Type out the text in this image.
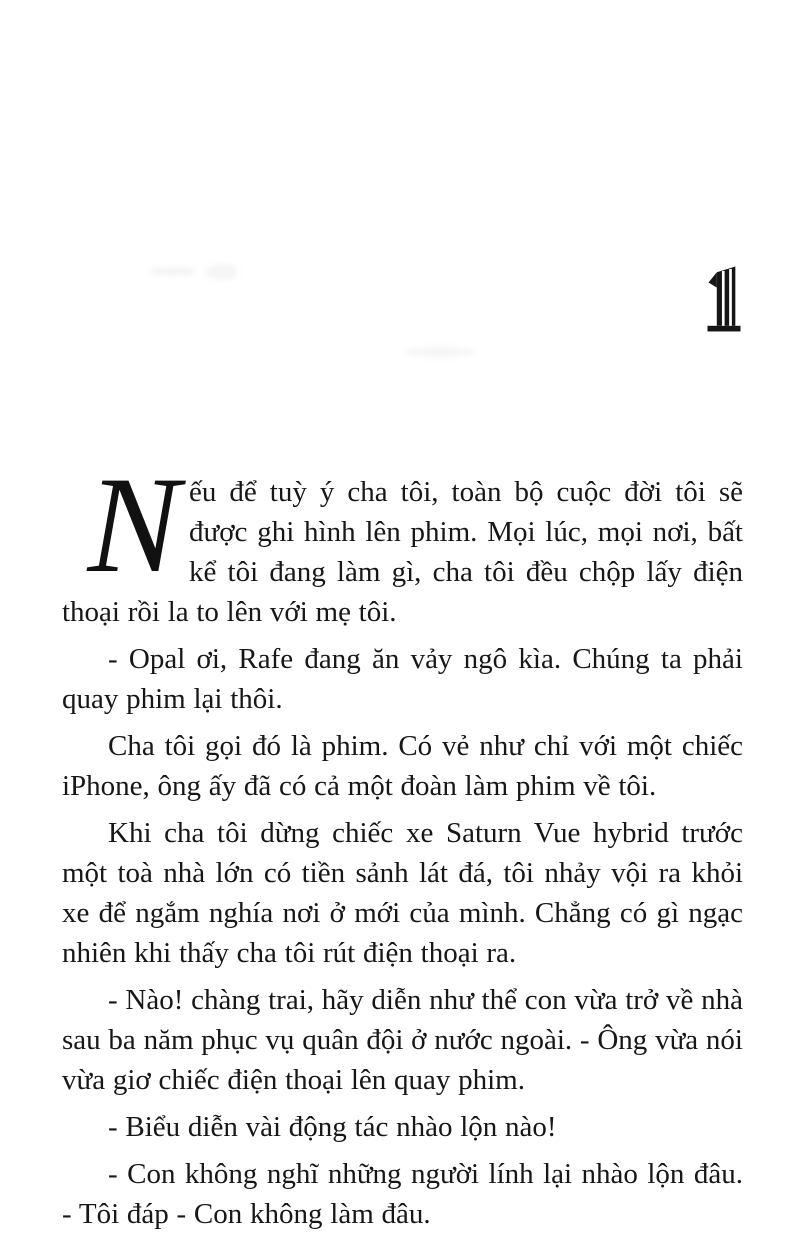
Nếu để tuỳ ý cha tôi, toàn bộ cuộc đời tôi sẽ được ghi hình lên phim. Mọi lúc, mọi nơi, bất kể tôi đang làm gì, cha tôi đều chộp lấy điện thoại rồi la to lên với mẹ tôi.

- Opal ơi, Rafe đang ăn vảy ngô kìa. Chúng ta phải quay phim lại thôi.

Cha tôi gọi đó là phim. Có vẻ như chỉ với một chiếc iPhone, ông ấy đã có cả một đoàn làm phim về tôi.

Khi cha tôi dừng chiếc xe Saturn Vue hybrid trước một toà nhà lớn có tiền sảnh lát đá, tôi nhảy vội ra khỏi xe để ngắm nghía nơi ở mới của mình. Chẳng có gì ngạc nhiên khi thấy cha tôi rút điện thoại ra.

- Nào! chàng trai, hãy diễn như thể con vừa trở về nhà sau ba năm phục vụ quân đội ở nước ngoài. - Ông vừa nói vừa giơ chiếc điện thoại lên quay phim.

- Biểu diễn vài động tác nhào lộn nào!

- Con không nghĩ những người lính lại nhào lộn đâu. - Tôi đáp - Con không làm đâu.
